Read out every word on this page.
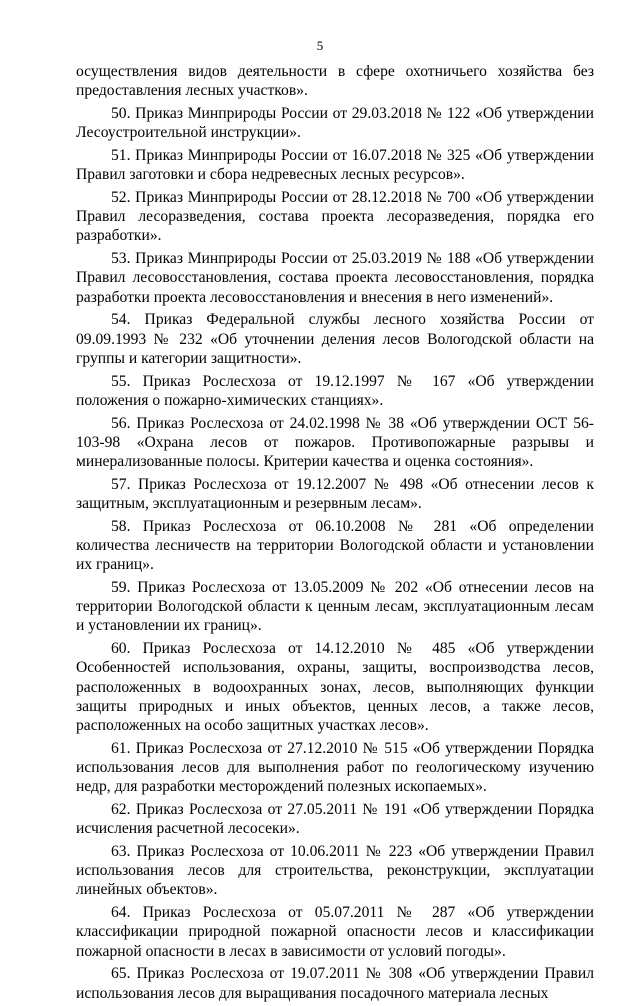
5

осуществления видов деятельности в сфере охотничьего хозяйства без предоставления лесных участков».

50. Приказ Минприроды России от 29.03.2018 № 122 «Об утверждении Лесоустроительной инструкции».

51. Приказ Минприроды России от 16.07.2018 № 325 «Об утверждении Правил заготовки и сбора недревесных лесных ресурсов».

52. Приказ Минприроды России от 28.12.2018 № 700 «Об утверждении Правил лесоразведения, состава проекта лесоразведения, порядка его разработки».

53. Приказ Минприроды России от 25.03.2019 № 188 «Об утверждении Правил лесовосстановления, состава проекта лесовосстановления, порядка разработки проекта лесовосстановления и внесения в него изменений».

54. Приказ Федеральной службы лесного хозяйства России от 09.09.1993 № 232 «Об уточнении деления лесов Вологодской области на группы и категории защитности».

55. Приказ Рослесхоза от 19.12.1997 № 167 «Об утверждении положения о пожарно-химических станциях».

56. Приказ Рослесхоза от 24.02.1998 № 38 «Об утверждении ОСТ 56-103-98 «Охрана лесов от пожаров. Противопожарные разрывы и минерализованные полосы. Критерии качества и оценка состояния».

57. Приказ Рослесхоза от 19.12.2007 № 498 «Об отнесении лесов к защитным, эксплуатационным и резервным лесам».

58. Приказ Рослесхоза от 06.10.2008 № 281 «Об определении количества лесничеств на территории Вологодской области и установлении их границ».

59. Приказ Рослесхоза от 13.05.2009 № 202 «Об отнесении лесов на территории Вологодской области к ценным лесам, эксплуатационным лесам и установлении их границ».

60. Приказ Рослесхоза от 14.12.2010 № 485 «Об утверждении Особенностей использования, охраны, защиты, воспроизводства лесов, расположенных в водоохранных зонах, лесов, выполняющих функции защиты природных и иных объектов, ценных лесов, а также лесов, расположенных на особо защитных участках лесов».

61. Приказ Рослесхоза от 27.12.2010 № 515 «Об утверждении Порядка использования лесов для выполнения работ по геологическому изучению недр, для разработки месторождений полезных ископаемых».

62. Приказ Рослесхоза от 27.05.2011 № 191 «Об утверждении Порядка исчисления расчетной лесосеки».

63. Приказ Рослесхоза от 10.06.2011 № 223 «Об утверждении Правил использования лесов для строительства, реконструкции, эксплуатации линейных объектов».

64. Приказ Рослесхоза от 05.07.2011 № 287 «Об утверждении классификации природной пожарной опасности лесов и классификации пожарной опасности в лесах в зависимости от условий погоды».

65. Приказ Рослесхоза от 19.07.2011 № 308 «Об утверждении Правил использования лесов для выращивания посадочного материала лесных
